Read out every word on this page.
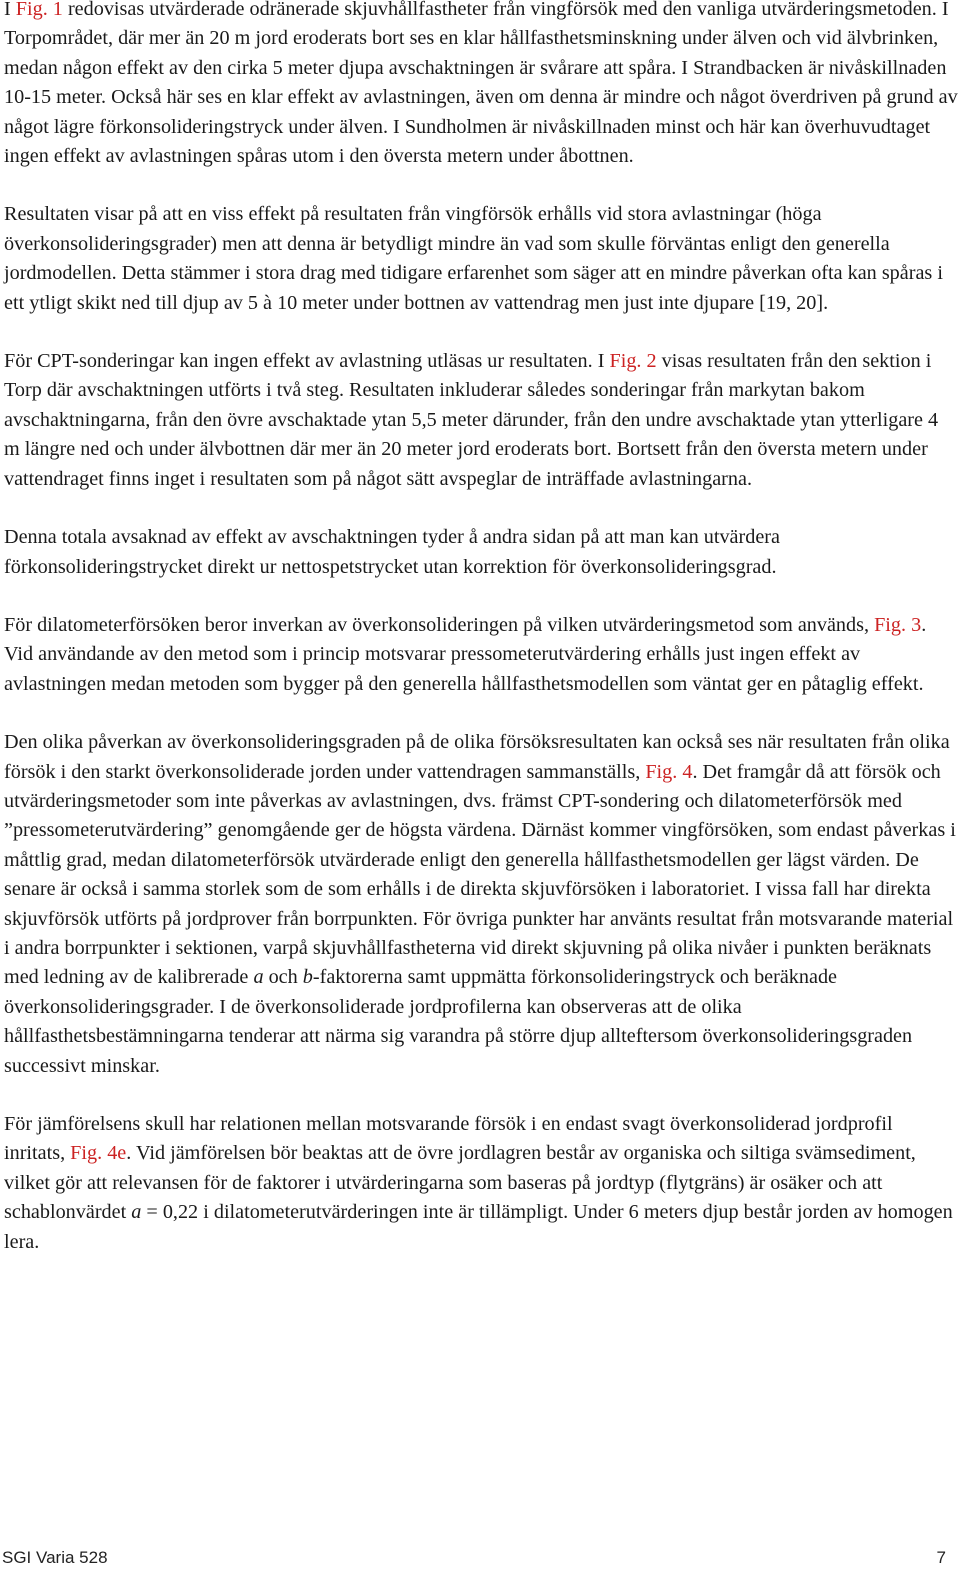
I Fig. 1 redovisas utvärderade odränerade skjuvhållfastheter från vingförsök med den vanliga utvärderingsmetoden. I Torpområdet, där mer än 20 m jord eroderats bort ses en klar hållfasthetsminskning under älven och vid älvbrinken, medan någon effekt av den cirka 5 meter djupa avschaktningen är svårare att spåra. I Strandbacken är nivåskillnaden 10-15 meter. Också här ses en klar effekt av avlastningen, även om denna är mindre och något överdriven på grund av något lägre förkonsolideringstryck under älven. I Sundholmen är nivåskillnaden minst och här kan överhuvudtaget ingen effekt av avlastningen spåras utom i den översta metern under åbottnen.

Resultaten visar på att en viss effekt på resultaten från vingförsök erhålls vid stora avlastningar (höga överkonsolideringsgrader) men att denna är betydligt mindre än vad som skulle förväntas enligt den generella jordmodellen. Detta stämmer i stora drag med tidigare erfarenhet som säger att en mindre påverkan ofta kan spåras i ett ytligt skikt ned till djup av 5 à 10 meter under bottnen av vattendrag men just inte djupare [19, 20].

För CPT-sonderingar kan ingen effekt av avlastning utläsas ur resultaten. I Fig. 2 visas resultaten från den sektion i Torp där avschaktningen utförts i två steg. Resultaten inkluderar således sonderingar från markytan bakom avschaktningarna, från den övre avschaktade ytan 5,5 meter därunder, från den undre avschaktade ytan ytterligare 4 m längre ned och under älvbottnen där mer än 20 meter jord eroderats bort. Bortsett från den översta metern under vattendraget finns inget i resultaten som på något sätt avspeglar de inträffade avlastningarna.

Denna totala avsaknad av effekt av avschaktningen tyder å andra sidan på att man kan utvärdera förkonsolideringstrycket direkt ur nettospetstrycket utan korrektion för överkonsolideringsgrad.

För dilatometerförsöken beror inverkan av överkonsolideringen på vilken utvärderingsmetod som används, Fig. 3. Vid användande av den metod som i princip motsvarar pressometerutvärdering erhålls just ingen effekt av avlastningen medan metoden som bygger på den generella hållfasthetsmodellen som väntat ger en påtaglig effekt.

Den olika påverkan av överkonsolideringsgraden på de olika försöksresultaten kan också ses när resultaten från olika försök i den starkt överkonsoliderade jorden under vattendragen sammanställs, Fig. 4. Det framgår då att försök och utvärderingsmetoder som inte påverkas av avlastningen, dvs. främst CPT-sondering och dilatometerförsök med ”pressometerutvärdering” genomgående ger de högsta värdena. Därnäst kommer vingförsöken, som endast påverkas i måttlig grad, medan dilatometerförsök utvärderade enligt den generella hållfasthetsmodellen ger lägst värden. De senare är också i samma storlek som de som erhålls i de direkta skjuvförsöken i laboratoriet. I vissa fall har direkta skjuvförsök utförts på jordprover från borrpunkten. För övriga punkter har använts resultat från motsvarande material i andra borrpunkter i sektionen, varpå skjuvhållfastheterna vid direkt skjuvning på olika nivåer i punkten beräknats med ledning av de kalibrerade a och b-faktorerna samt uppmätta förkonsolideringstryck och beräknade överkonsolideringsgrader. I de överkonsoliderade jordprofilerna kan observeras att de olika hållfasthetsbestämningarna tenderar att närma sig varandra på större djup allteftersom överkonsolideringsgraden successivt minskar.

För jämförelsens skull har relationen mellan motsvarande försök i en endast svagt överkonsoliderad jordprofil inritats, Fig. 4e. Vid jämförelsen bör beaktas att de övre jordlagren består av organiska och siltiga svämsediment, vilket gör att relevansen för de faktorer i utvärderingarna som baseras på jordtyp (flytgräns) är osäker och att schablonvärdet a = 0,22 i dilatometerutvärderingen inte är tillämpligt. Under 6 meters djup består jorden av homogen lera.

SGI Varia 528	7
